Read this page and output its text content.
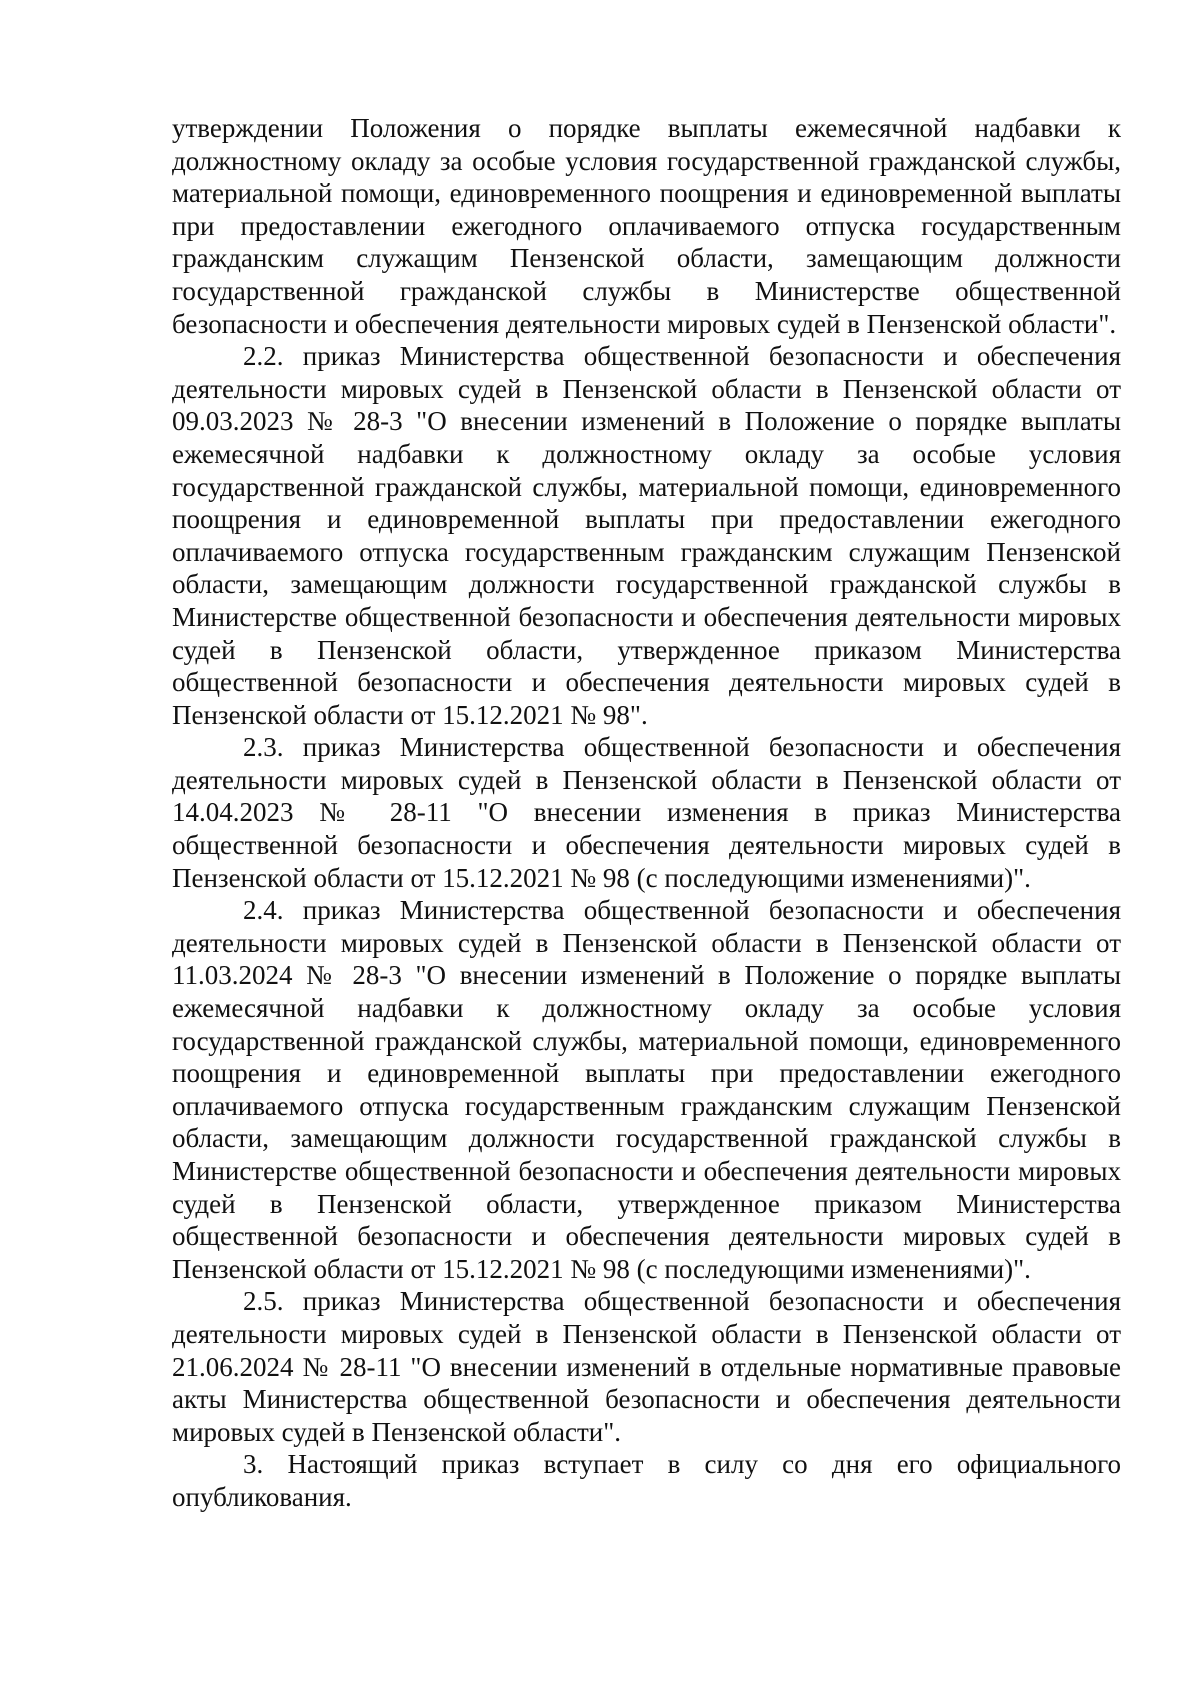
утверждении Положения о порядке выплаты ежемесячной надбавки к должностному окладу за особые условия государственной гражданской службы, материальной помощи, единовременного поощрения и единовременной выплаты при предоставлении ежегодного оплачиваемого отпуска государственным гражданским служащим Пензенской области, замещающим должности государственной гражданской службы в Министерстве общественной безопасности и обеспечения деятельности мировых судей в Пензенской области".

2.2. приказ Министерства общественной безопасности и обеспечения деятельности мировых судей в Пензенской области в Пензенской области от 09.03.2023 № 28-3 "О внесении изменений в Положение о порядке выплаты ежемесячной надбавки к должностному окладу за особые условия государственной гражданской службы, материальной помощи, единовременного поощрения и единовременной выплаты при предоставлении ежегодного оплачиваемого отпуска государственным гражданским служащим Пензенской области, замещающим должности государственной гражданской службы в Министерстве общественной безопасности и обеспечения деятельности мировых судей в Пензенской области, утвержденное приказом Министерства общественной безопасности и обеспечения деятельности мировых судей в Пензенской области от 15.12.2021 № 98".

2.3. приказ Министерства общественной безопасности и обеспечения деятельности мировых судей в Пензенской области в Пензенской области от 14.04.2023 № 28-11 "О внесении изменения в приказ Министерства общественной безопасности и обеспечения деятельности мировых судей в Пензенской области от 15.12.2021 № 98 (с последующими изменениями)".

2.4. приказ Министерства общественной безопасности и обеспечения деятельности мировых судей в Пензенской области в Пензенской области от 11.03.2024 № 28-3 "О внесении изменений в Положение о порядке выплаты ежемесячной надбавки к должностному окладу за особые условия государственной гражданской службы, материальной помощи, единовременного поощрения и единовременной выплаты при предоставлении ежегодного оплачиваемого отпуска государственным гражданским служащим Пензенской области, замещающим должности государственной гражданской службы в Министерстве общественной безопасности и обеспечения деятельности мировых судей в Пензенской области, утвержденное приказом Министерства общественной безопасности и обеспечения деятельности мировых судей в Пензенской области от 15.12.2021 № 98 (с последующими изменениями)".

2.5. приказ Министерства общественной безопасности и обеспечения деятельности мировых судей в Пензенской области в Пензенской области от 21.06.2024 № 28-11 "О внесении изменений в отдельные нормативные правовые акты Министерства общественной безопасности и обеспечения деятельности мировых судей в Пензенской области".

3. Настоящий приказ вступает в силу со дня его официального опубликования.
